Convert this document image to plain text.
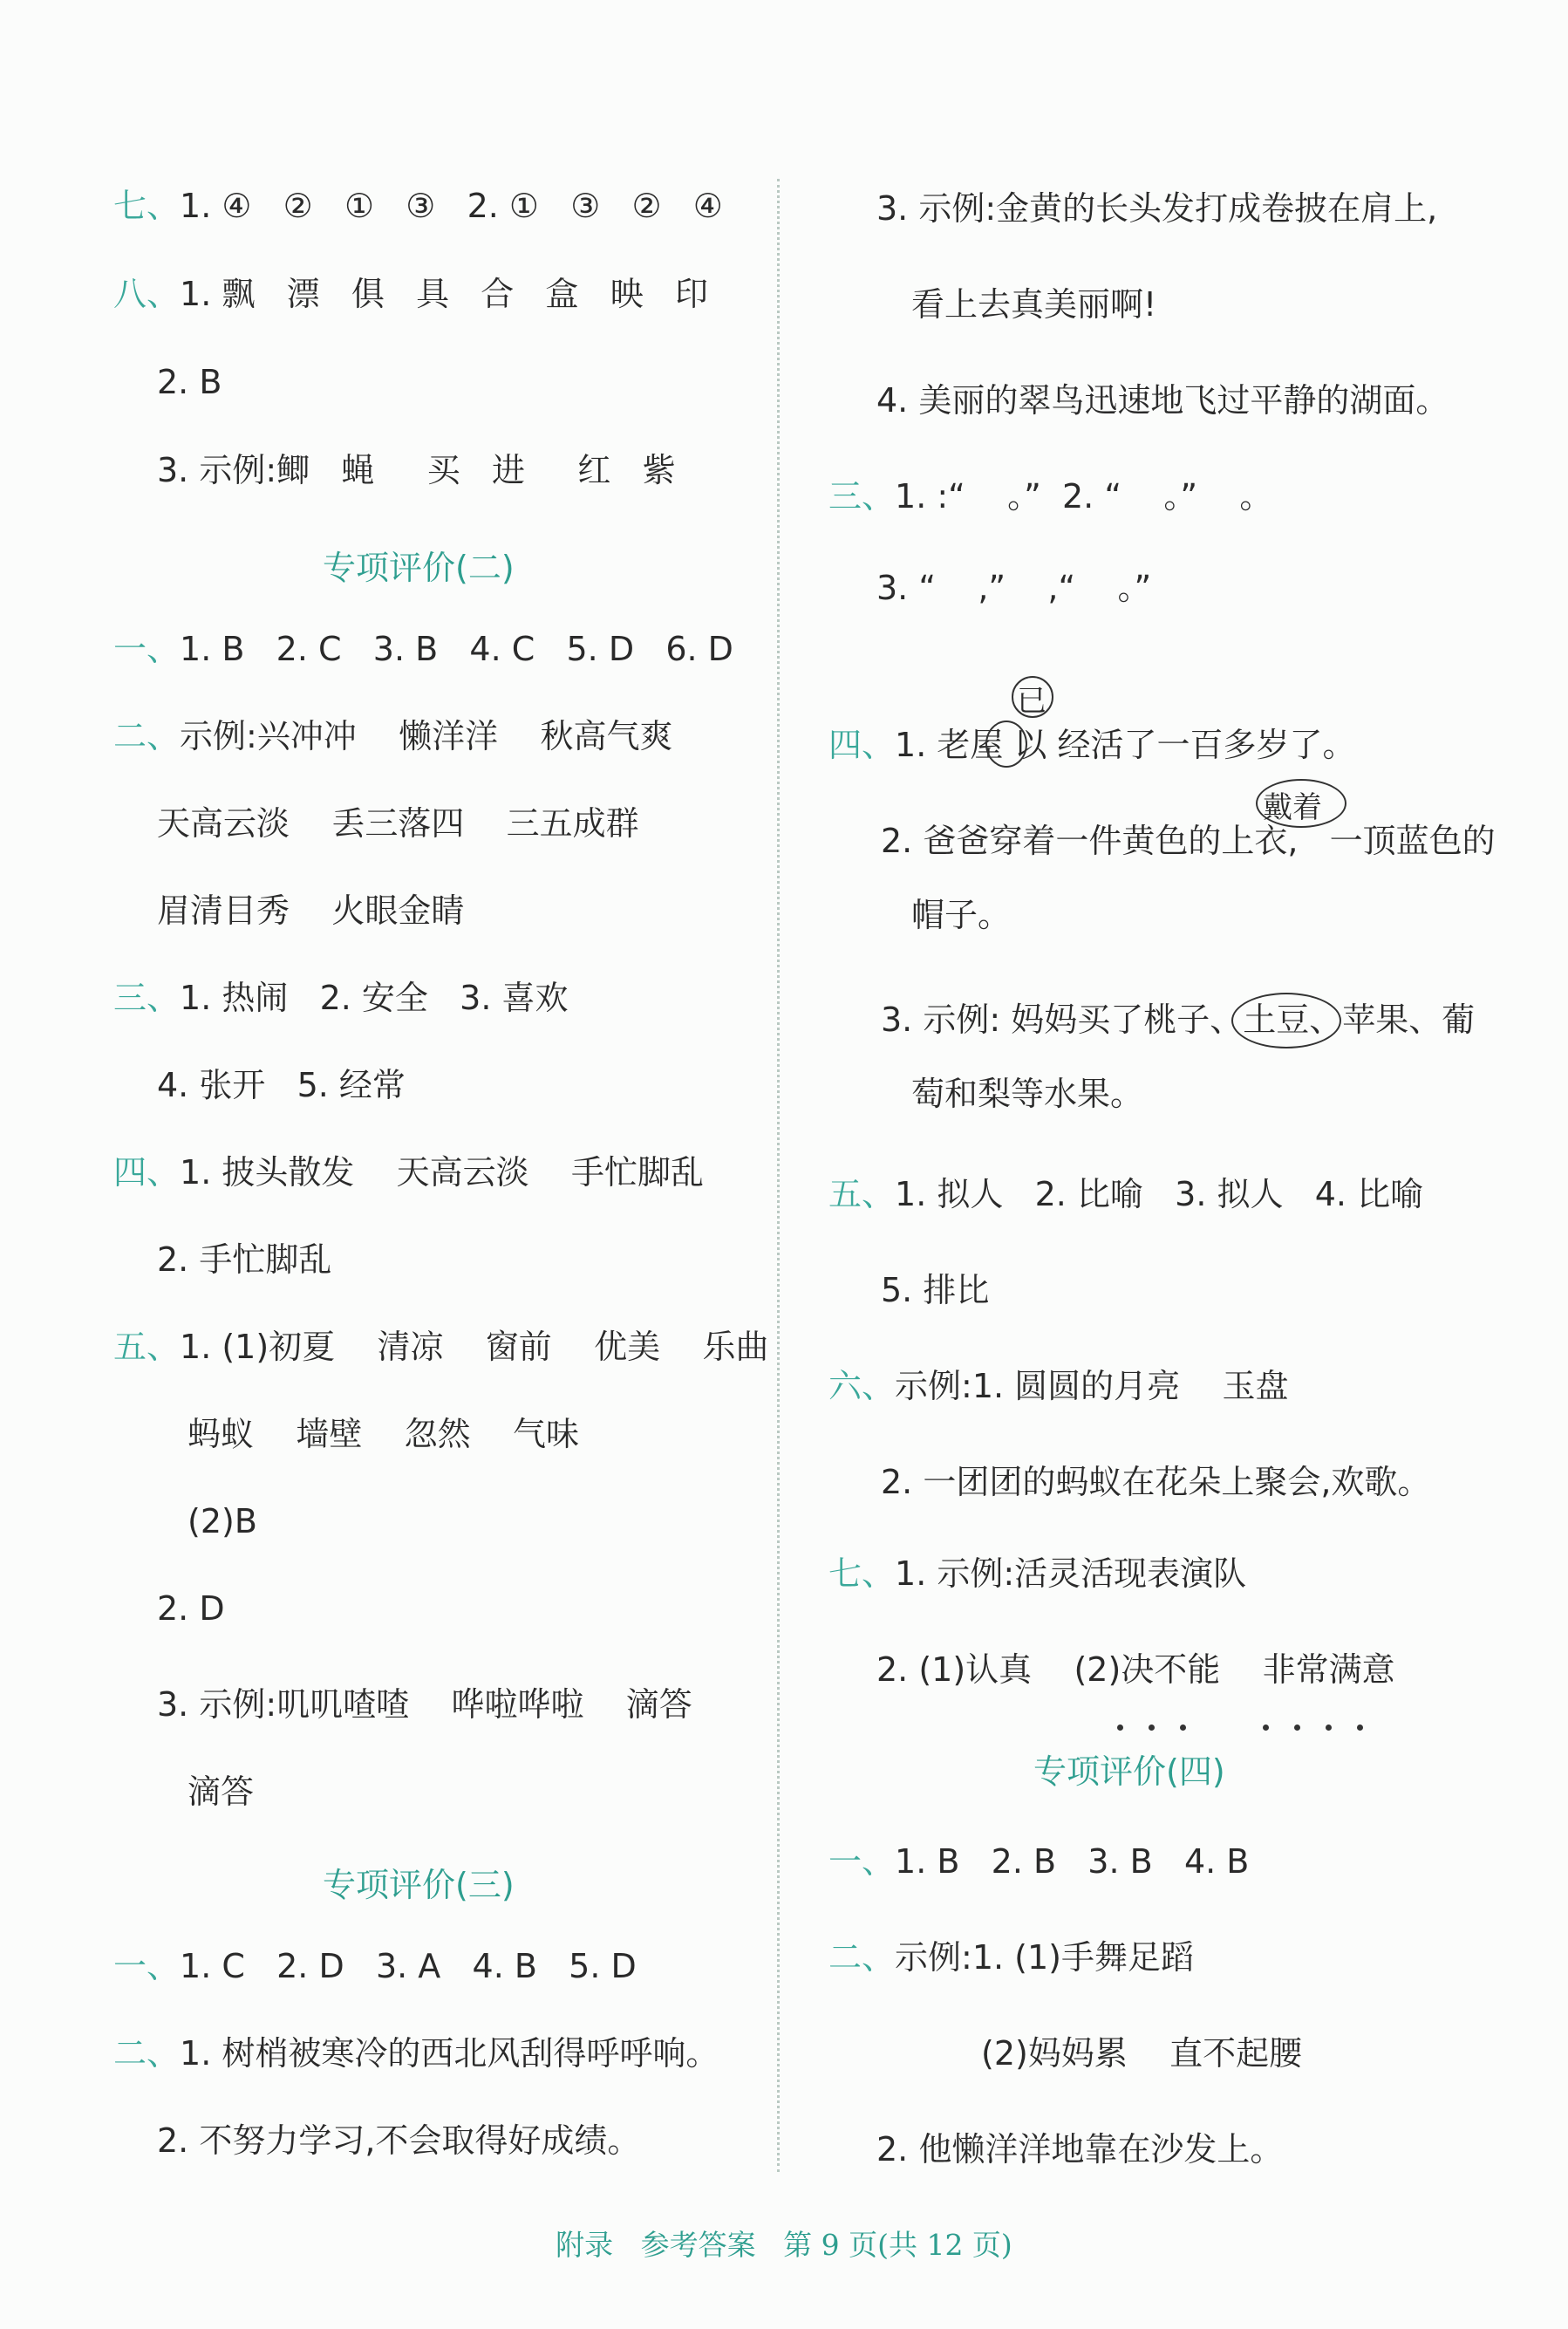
七、1. ④   ②   ①   ③   2. ①   ③   ②   ④
八、1. 飘   漂   俱   具   合   盒   映   印
2. B
3. 示例:鲫   蝇     买   进     红   紫
专项评价(二)
一、1. B   2. C   3. B   4. C   5. D   6. D
二、示例:兴冲冲    懒洋洋    秋高气爽
天高云淡    丢三落四    三五成群
眉清目秀    火眼金睛
三、1. 热闹   2. 安全   3. 喜欢
4. 张开   5. 经常
四、1. 披头散发    天高云淡    手忙脚乱
2. 手忙脚乱
五、1. (1)初夏    清凉    窗前    优美    乐曲
蚂蚁    墙壁    忽然    气味
(2)B
2. D
3. 示例:叽叽喳喳    哗啦哗啦    滴答
滴答
专项评价(三)
一、1. C   2. D   3. A   4. B   5. D
二、1. 树梢被寒冷的西北风刮得呼呼响。
2. 不努力学习,不会取得好成绩。
3. 示例:金黄的长头发打成卷披在肩上,
看上去真美丽啊!
4. 美丽的翠鸟迅速地飞过平静的湖面。
三、1. :“    。”  2. “    。”    。
3. “    ,”    ,“    。”
四、1. 老屋 以 经活了一百多岁了。
2. 爸爸穿着一件黄色的上衣,   一顶蓝色的
帽子。
3. 示例: 妈妈买了桃子、土豆、苹果、葡
萄和梨等水果。
五、1. 拟人   2. 比喻   3. 拟人   4. 比喻
5. 排比
六、示例:1. 圆圆的月亮    玉盘
2. 一团团的蚂蚁在花朵上聚会,欢歌。
七、1. 示例:活灵活现表演队
2. (1)认真    (2)决不能    非常满意
专项评价(四)
一、1. B   2. B   3. B   4. B
二、示例:1. (1)手舞足蹈
(2)妈妈累    直不起腰
2. 他懒洋洋地靠在沙发上。
已
戴着
附录   参考答案   第 9 页(共 12 页)
